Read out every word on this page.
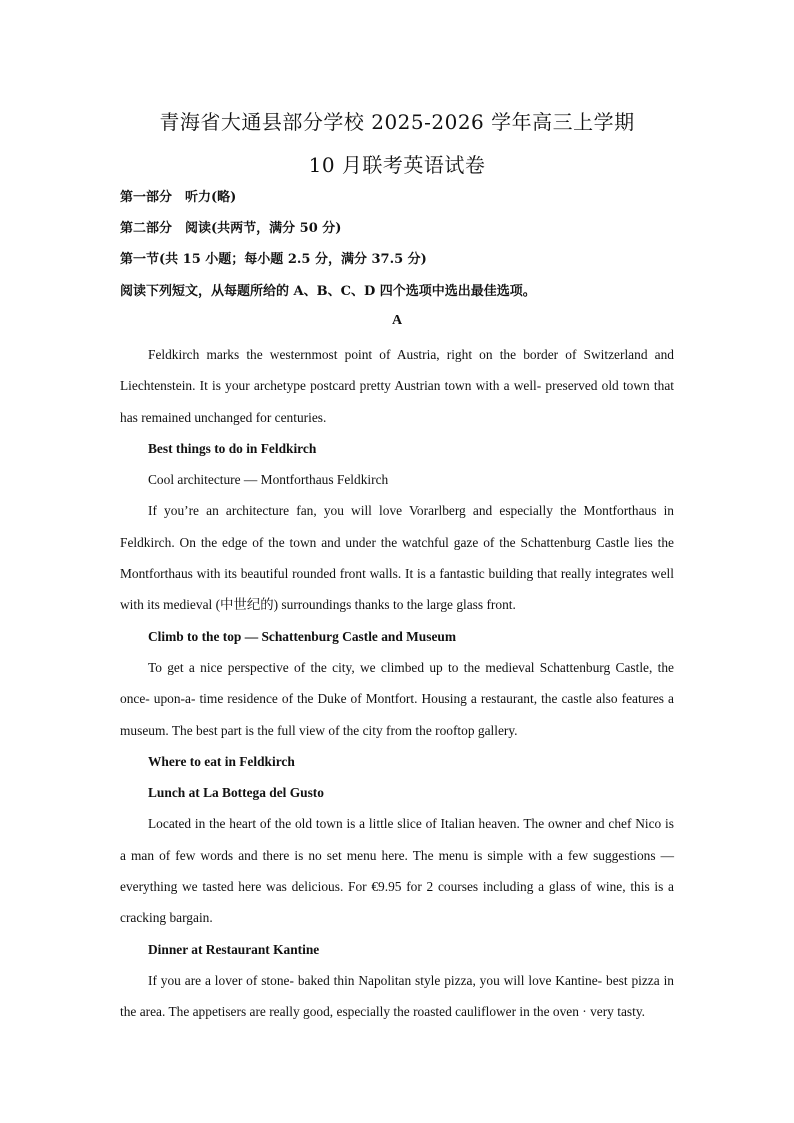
青海省大通县部分学校 2025-2026 学年高三上学期
10 月联考英语试卷
第一部分　听力(略)
第二部分　阅读(共两节，满分 50 分)
第一节(共 15 小题；每小题 2.5 分，满分 37.5 分)
阅读下列短文，从每题所给的 A、B、C、D 四个选项中选出最佳选项。
A

Feldkirch marks the westernmost point of Austria, right on the border of Switzerland and Liechtenstein. It is your archetype postcard pretty Austrian town with a well- preserved old town that has remained unchanged for centuries.

Best things to do in Feldkirch

Cool architecture — Montforthaus Feldkirch

If you’re an architecture fan, you will love Vorarlberg and especially the Montforthaus in Feldkirch. On the edge of the town and under the watchful gaze of the Schattenburg Castle lies the Montforthaus with its beautiful rounded front walls. It is a fantastic building that really integrates well with its medieval (中世纪的) surroundings thanks to the large glass front.

Climb to the top — Schattenburg Castle and Museum

To get a nice perspective of the city, we climbed up to the medieval Schattenburg Castle, the once- upon-a- time residence of the Duke of Montfort. Housing a restaurant, the castle also features a museum. The best part is the full view of the city from the rooftop gallery.

Where to eat in Feldkirch

Lunch at La Bottega del Gusto

Located in the heart of the old town is a little slice of Italian heaven. The owner and chef Nico is a man of few words and there is no set menu here. The menu is simple with a few suggestions — everything we tasted here was delicious. For €9.95 for 2 courses including a glass of wine, this is a cracking bargain.

Dinner at Restaurant Kantine

If you are a lover of stone- baked thin Napolitan style pizza, you will love Kantine- best pizza in the area. The appetisers are really good, especially the roasted cauliflower in the oven · very tasty.
